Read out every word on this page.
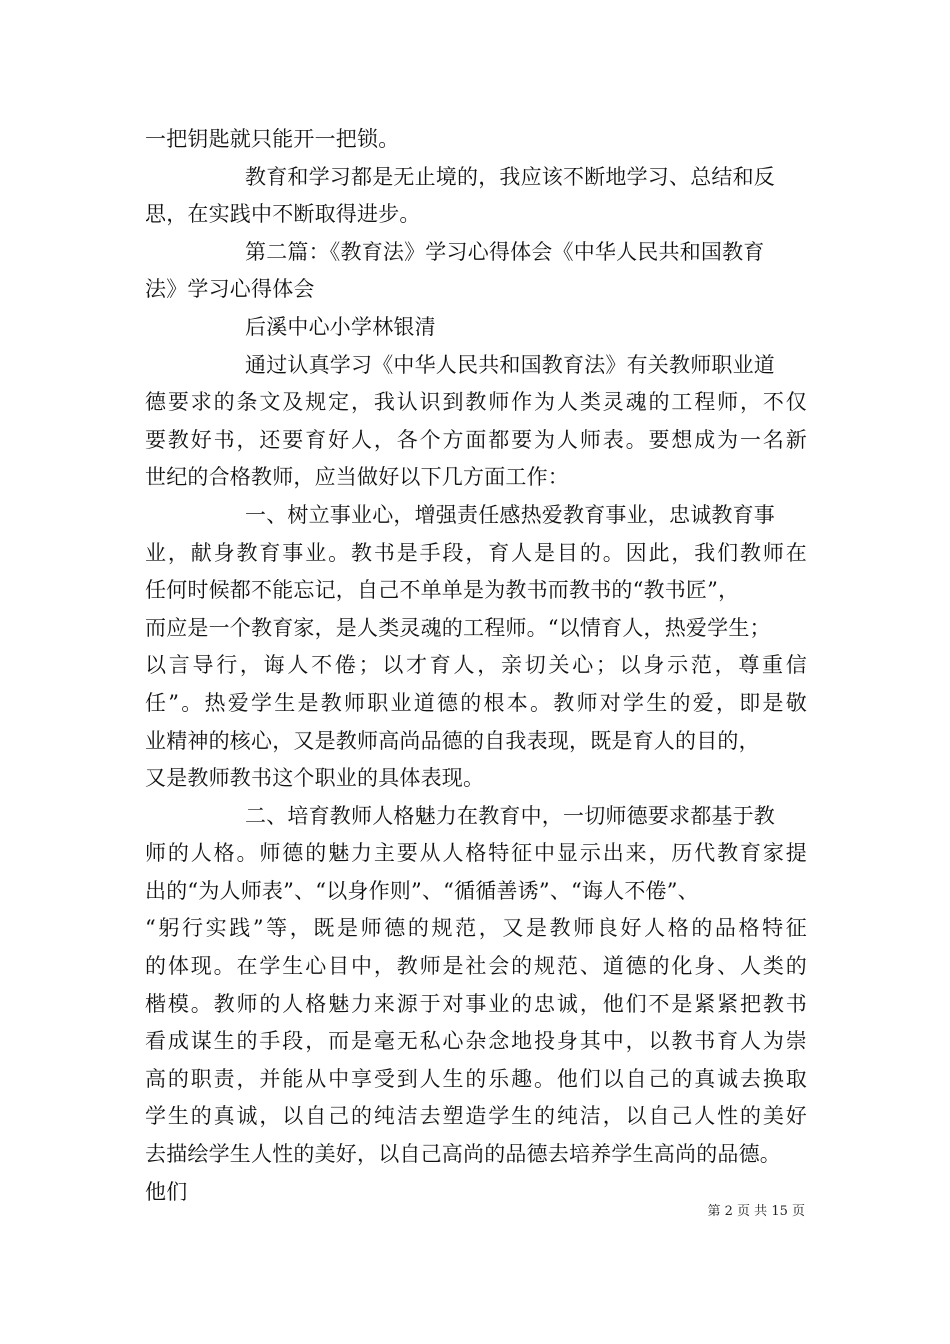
一把钥匙就只能开一把锁。
教育和学习都是无止境的，我应该不断地学习、总结和反
思，在实践中不断取得进步。
第二篇：《教育法》学习心得体会《中华人民共和国教育
法》学习心得体会
后溪中心小学林银清
通过认真学习《中华人民共和国教育法》有关教师职业道
德要求的条文及规定，我认识到教师作为人类灵魂的工程师，不仅
要教好书，还要育好人，各个方面都要为人师表。要想成为一名新
世纪的合格教师，应当做好以下几方面工作：
一、树立事业心，增强责任感热爱教育事业，忠诚教育事
业，献身教育事业。教书是手段，育人是目的。因此，我们教师在
任何时候都不能忘记，自己不单单是为教书而教书的“教书匠”，
而应是一个教育家，是人类灵魂的工程师。“以情育人，热爱学生；
以言导行，诲人不倦；以才育人，亲切关心；以身示范，尊重信
任”。热爱学生是教师职业道德的根本。教师对学生的爱，即是敬
业精神的核心，又是教师高尚品德的自我表现，既是育人的目的，
又是教师教书这个职业的具体表现。
二、培育教师人格魅力在教育中，一切师德要求都基于教
师的人格。师德的魅力主要从人格特征中显示出来，历代教育家提
出的“为人师表”、“以身作则”、“循循善诱”、“诲人不倦”、
“躬行实践”等，既是师德的规范，又是教师良好人格的品格特征
的体现。在学生心目中，教师是社会的规范、道德的化身、人类的
楷模。教师的人格魅力来源于对事业的忠诚，他们不是紧紧把教书
看成谋生的手段，而是毫无私心杂念地投身其中，以教书育人为崇
高的职责，并能从中享受到人生的乐趣。他们以自己的真诚去换取
学生的真诚，以自己的纯洁去塑造学生的纯洁，以自己人性的美好
去描绘学生人性的美好，以自己高尚的品德去培养学生高尚的品德。
他们
第 2 页 共 15 页
